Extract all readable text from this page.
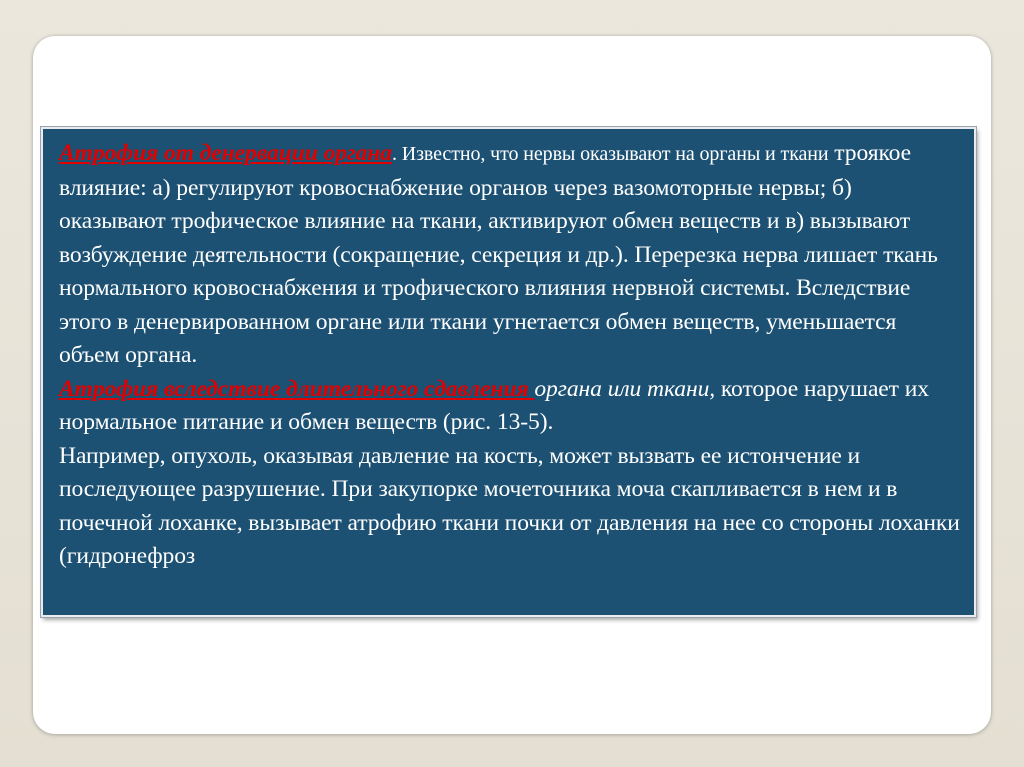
Атрофия от денервации органа. Известно, что нервы оказывают на органы и ткани троякое влияние: а) регулируют кровоснабжение органов через вазомоторные нервы; б) оказывают трофическое влияние на ткани, активируют обмен веществ и в) вызывают возбуждение деятельности (сокращение, секреция и др.). Перерезка нерва лишает ткань нормального кровоснабжения и трофического влияния нервной системы. Вследствие этого в денервированном органе или ткани угнетается обмен веществ, уменьшается объем органа.

Атрофия вследствие длительного сдавления органа или ткани, которое нарушает их нормальное питание и обмен веществ (рис. 13-5).

Например, опухоль, оказывая давление на кость, может вызвать ее истончение и последующее разрушение. При закупорке мочеточника моча скапливается в нем и в почечной лоханке, вызывает атрофию ткани почки от давления на нее со стороны лоханки (гидронефроз
